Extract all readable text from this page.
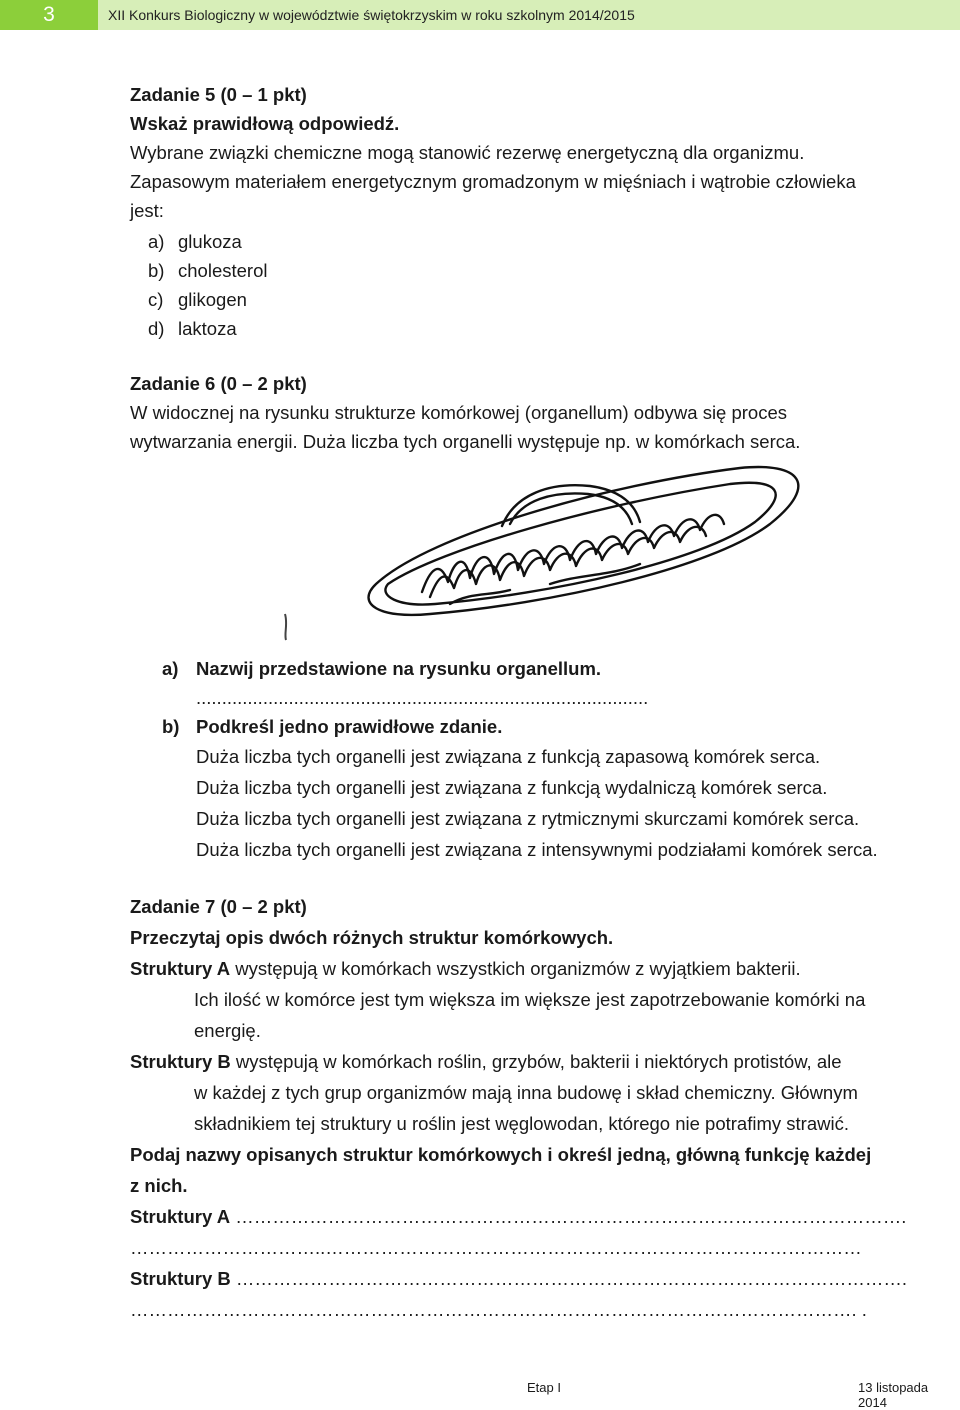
3	XII Konkurs Biologiczny w województwie świętokrzyskim w roku szkolnym 2014/2015

Zadanie 5 (0 – 1 pkt)

Wskaż prawidłową odpowiedź.

Wybrane związki chemiczne mogą stanowić rezerwę energetyczną dla organizmu.

Zapasowym materiałem energetycznym gromadzonym w mięśniach i wątrobie człowieka

jest:

a) glukoza
b) cholesterol
c) glikogen
d) laktoza

Zadanie 6 (0 – 2 pkt)

W widocznej na rysunku strukturze komórkowej (organellum) odbywa się proces

wytwarzania energii. Duża liczba tych organelli występuje np. w komórkach serca.

a) Nazwij przedstawione na rysunku organellum.
........................................................................................
b) Podkreśl jedno prawidłowe zdanie.
Duża liczba tych organelli jest związana z funkcją zapasową komórek serca.
Duża liczba tych organelli jest związana z funkcją wydalniczą komórek serca.
Duża liczba tych organelli jest związana z rytmicznymi skurczami komórek serca.
Duża liczba tych organelli jest związana z intensywnymi podziałami komórek serca.

Zadanie 7 (0 – 2 pkt)

Przeczytaj opis dwóch różnych struktur komórkowych.

Struktury A występują w komórkach wszystkich organizmów z wyjątkiem bakterii.

Ich ilość w komórce jest tym większa im większe jest zapotrzebowanie komórki na

energię.

Struktury B występują w komórkach roślin, grzybów, bakterii i niektórych protistów, ale

w każdej z tych grup organizmów mają inna budowę i skład chemiczny. Głównym

składnikiem tej struktury u roślin jest węglowodan, którego nie potrafimy strawić.

Podaj nazwy opisanych struktur komórkowych i określ jedną, główną funkcję każdej

z nich.

Struktury A ……………………………………………………………………………………………….

…………………………..……………………………………………………………………………

Struktury B ……………………………………………………………………………………………….

………………………………………………………………………………………………………. .

Etap I	13 listopada 2014
